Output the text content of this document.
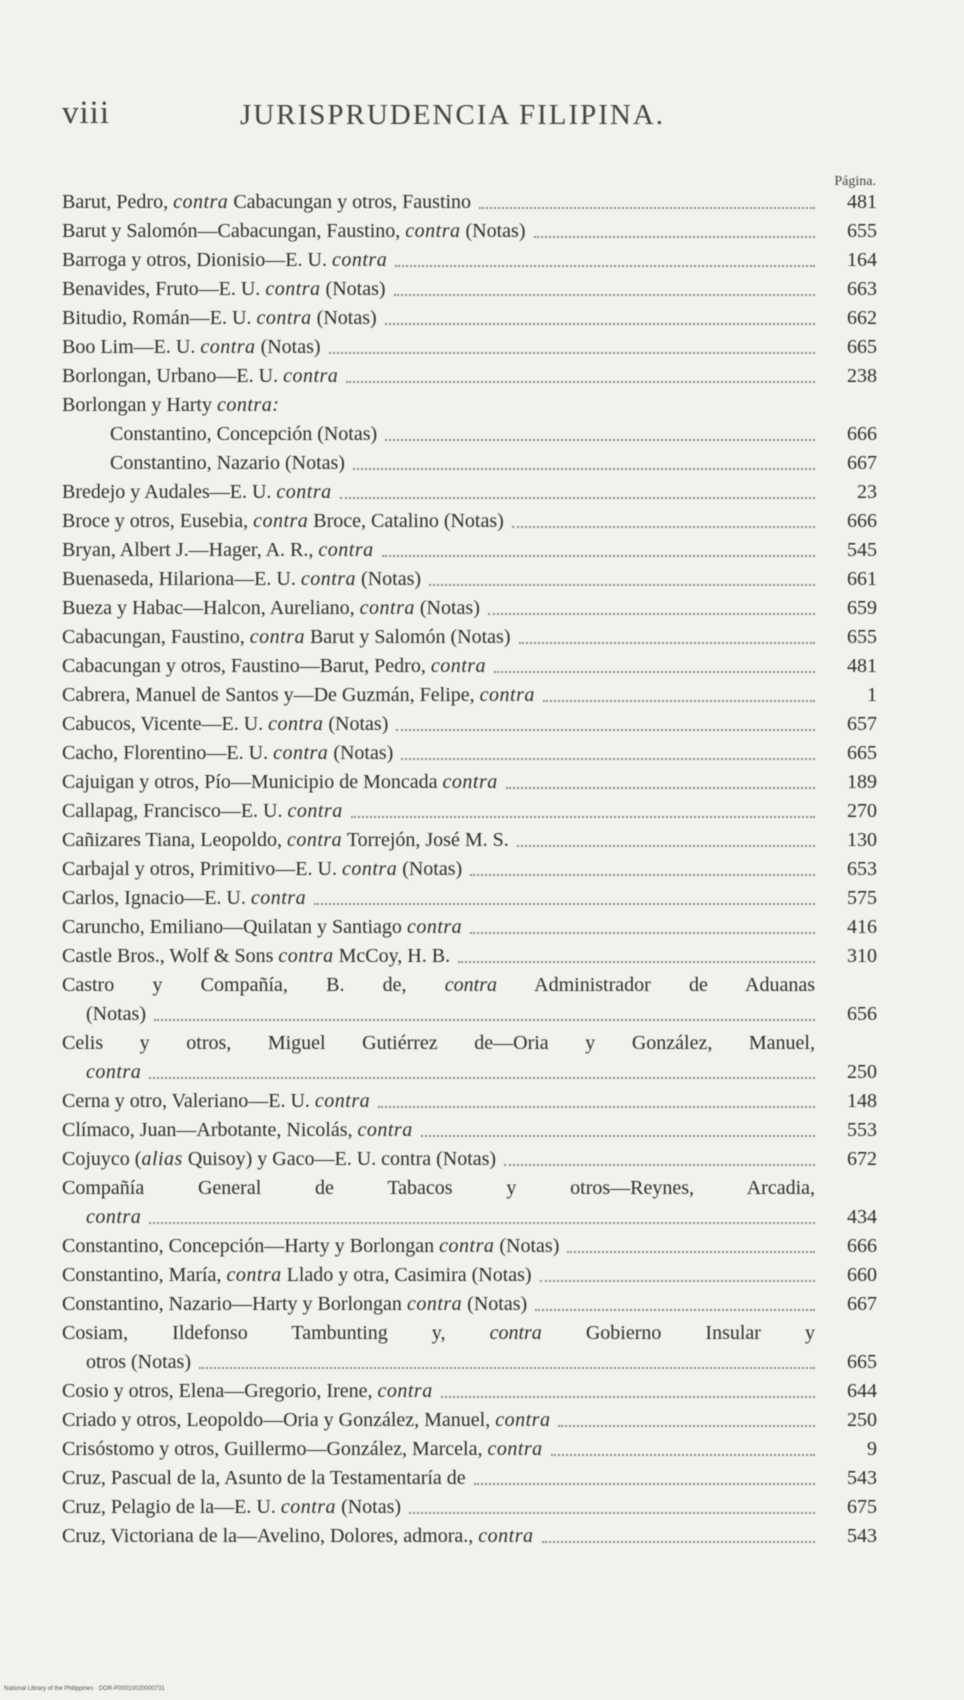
viii	JURISPRUDENCIA FILIPINA.
Página.
Barut, Pedro, contra Cabacungan y otros, Faustino	481
Barut y Salomón—Cabacungan, Faustino, contra (Notas)	655
Barroga y otros, Dionisio—E. U. contra	164
Benavides, Fruto—E. U. contra (Notas)	663
Bitudio, Román—E. U. contra (Notas)	662
Boo Lim—E. U. contra (Notas)	665
Borlongan, Urbano—E. U. contra	238
Borlongan y Harty contra:
Constantino, Concepción (Notas)	666
Constantino, Nazario (Notas)	667
Bredejo y Audales—E. U. contra	23
Broce y otros, Eusebia, contra Broce, Catalino (Notas)	666
Bryan, Albert J.—Hager, A. R., contra	545
Buenaseda, Hilariona—E. U. contra (Notas)	661
Bueza y Habac—Halcon, Aureliano, contra (Notas)	659
Cabacungan, Faustino, contra Barut y Salomón (Notas)	655
Cabacungan y otros, Faustino—Barut, Pedro, contra	481
Cabrera, Manuel de Santos y—De Guzmán, Felipe, contra	1
Cabucos, Vicente—E. U. contra (Notas)	657
Cacho, Florentino—E. U. contra (Notas)	665
Cajuigan y otros, Pío—Municipio de Moncada contra	189
Callapag, Francisco—E. U. contra	270
Cañizares Tiana, Leopoldo, contra Torrejón, José M. S.	130
Carbajal y otros, Primitivo—E. U. contra (Notas)	653
Carlos, Ignacio—E. U. contra	575
Caruncho, Emiliano—Quilatan y Santiago contra	416
Castle Bros., Wolf & Sons contra McCoy, H. B.	310
Castro y Compañía, B. de, contra Administrador de Aduanas
(Notas)	656
Celis y otros, Miguel Gutiérrez de—Oria y González, Manuel,
contra	250
Cerna y otro, Valeriano—E. U. contra	148
Clímaco, Juan—Arbotante, Nicolás, contra	553
Cojuyco (alias Quisoy) y Gaco—E. U. contra (Notas)	672
Compañía General de Tabacos y otros—Reynes, Arcadia,
contra	434
Constantino, Concepción—Harty y Borlongan contra (Notas)	666
Constantino, María, contra Llado y otra, Casimira (Notas)	660
Constantino, Nazario—Harty y Borlongan contra (Notas)	667
Cosiam, Ildefonso Tambunting y, contra Gobierno Insular y
otros (Notas)	665
Cosio y otros, Elena—Gregorio, Irene, contra	644
Criado y otros, Leopoldo—Oria y González, Manuel, contra	250
Crisóstomo y otros, Guillermo—González, Marcela, contra	9
Cruz, Pascual de la, Asunto de la Testamentaría de	543
Cruz, Pelagio de la—E. U. contra (Notas)	675
Cruz, Victoriana de la—Avelino, Dolores, admora., contra	543
National Library of the Philippines · DOR-P00010020000731
